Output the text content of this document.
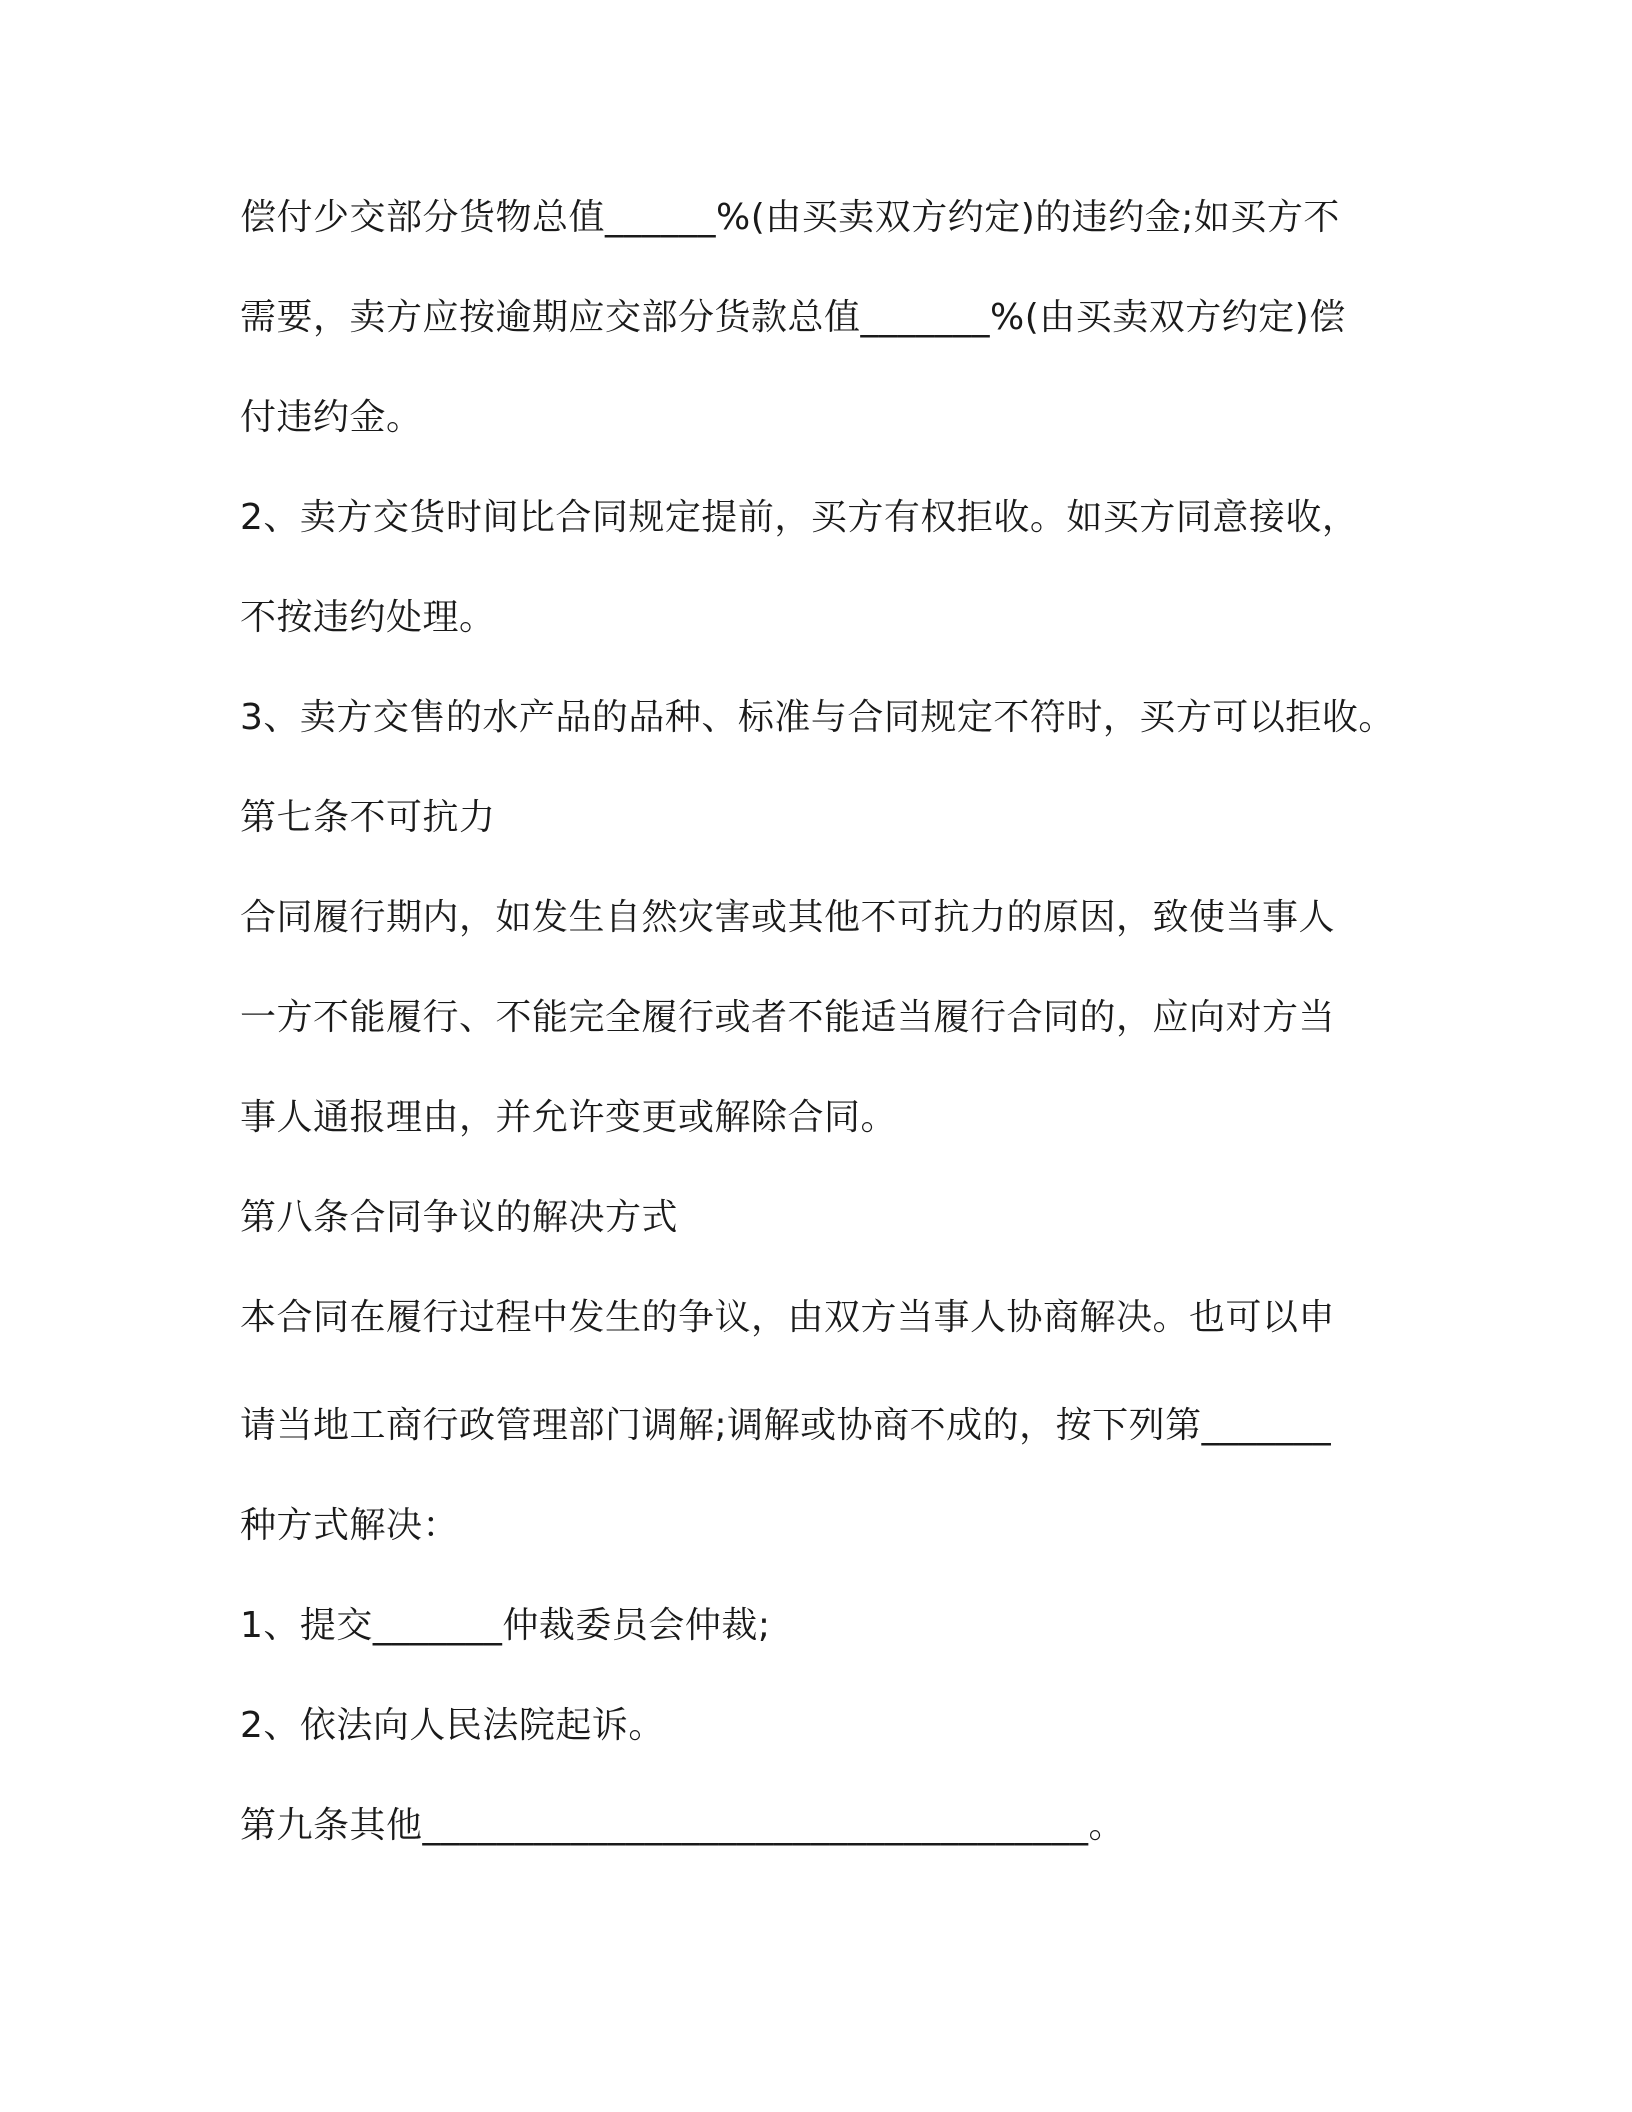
偿付少交部分货物总值______%(由买卖双方约定)的违约金;如买方不
需要，卖方应按逾期应交部分货款总值_______%(由买卖双方约定)偿
付违约金。
2、卖方交货时间比合同规定提前，买方有权拒收。如买方同意接收，
不按违约处理。
3、卖方交售的水产品的品种、标准与合同规定不符时，买方可以拒收。
第七条不可抗力
合同履行期内，如发生自然灾害或其他不可抗力的原因，致使当事人
一方不能履行、不能完全履行或者不能适当履行合同的，应向对方当
事人通报理由，并允许变更或解除合同。
第八条合同争议的解决方式
本合同在履行过程中发生的争议，由双方当事人协商解决。也可以申
请当地工商行政管理部门调解;调解或协商不成的，按下列第_______
种方式解决：
1、提交_______仲裁委员会仲裁;
2、依法向人民法院起诉。
第九条其他____________________________________。
